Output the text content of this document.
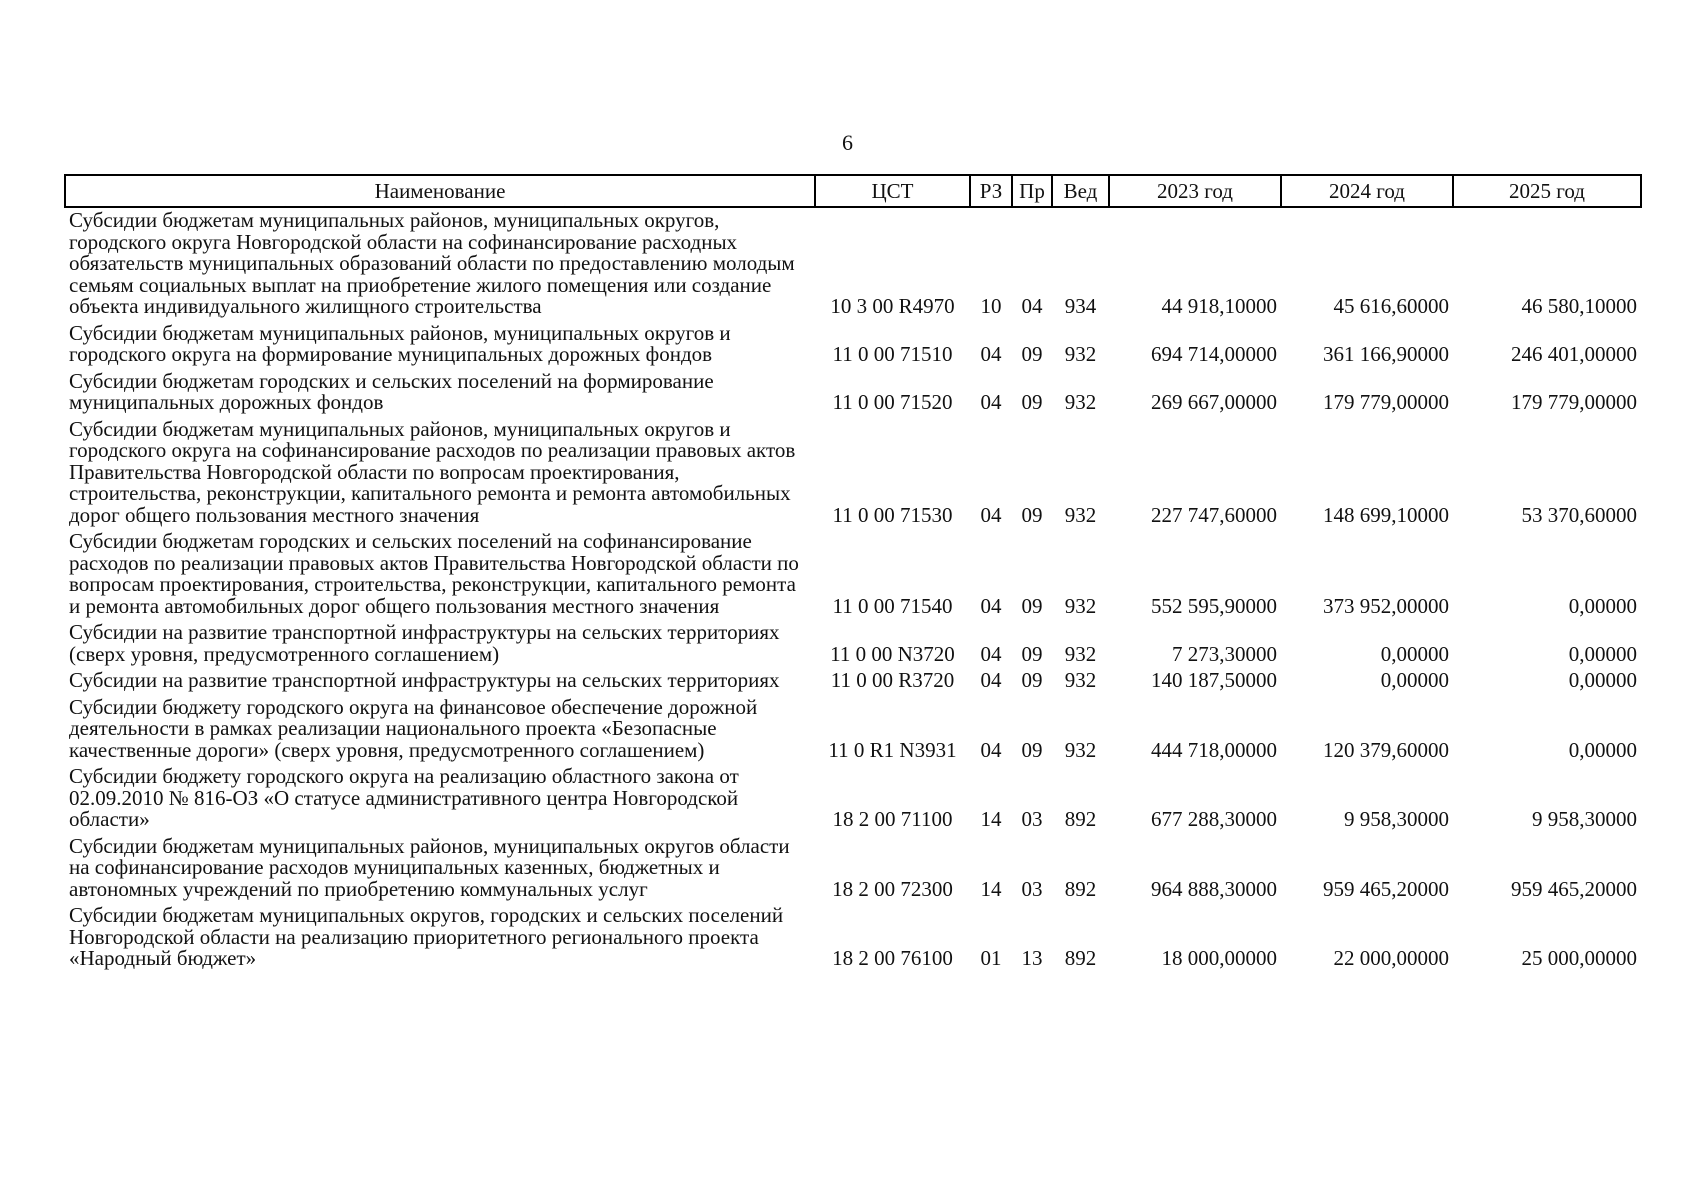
6
Наименование	ЦСТ	РЗ	Пр	Вед	2023 год	2024 год	2025 год
Субсидии бюджетам муниципальных районов, муниципальных округов, городского округа Новгородской области на софинансирование расходных обязательств муниципальных образований области по предоставлению молодым семьям социальных выплат на приобретение жилого помещения или создание объекта индивидуального жилищного строительства	10 3 00 R4970	10	04	934	44 918,10000	45 616,60000	46 580,10000
Субсидии бюджетам муниципальных районов, муниципальных округов и городского округа на формирование муниципальных дорожных фондов	11 0 00 71510	04	09	932	694 714,00000	361 166,90000	246 401,00000
Субсидии бюджетам городских и сельских поселений на формирование муниципальных дорожных фондов	11 0 00 71520	04	09	932	269 667,00000	179 779,00000	179 779,00000
Субсидии бюджетам муниципальных районов, муниципальных округов и городского округа на софинансирование расходов по реализации правовых актов Правительства Новгородской области по вопросам проектирования, строительства, реконструкции, капитального ремонта и ремонта автомобильных дорог общего пользования местного значения	11 0 00 71530	04	09	932	227 747,60000	148 699,10000	53 370,60000
Субсидии бюджетам городских и сельских поселений на софинансирование расходов по реализации правовых актов Правительства Новгородской области по вопросам проектирования, строительства, реконструкции, капитального ремонта и ремонта автомобильных дорог общего пользования местного значения	11 0 00 71540	04	09	932	552 595,90000	373 952,00000	0,00000
Субсидии на развитие транспортной инфраструктуры на сельских территориях (сверх уровня, предусмотренного соглашением)	11 0 00 N3720	04	09	932	7 273,30000	0,00000	0,00000
Субсидии на развитие транспортной инфраструктуры на сельских территориях	11 0 00 R3720	04	09	932	140 187,50000	0,00000	0,00000
Субсидии бюджету городского округа на финансовое обеспечение дорожной деятельности в рамках реализации национального проекта «Безопасные качественные дороги» (сверх уровня, предусмотренного соглашением)	11 0 R1 N3931	04	09	932	444 718,00000	120 379,60000	0,00000
Субсидии бюджету городского округа на реализацию областного закона от 02.09.2010 № 816-ОЗ «О статусе административного центра Новгородской области»	18 2 00 71100	14	03	892	677 288,30000	9 958,30000	9 958,30000
Субсидии бюджетам муниципальных районов, муниципальных округов области на софинансирование расходов муниципальных казенных, бюджетных и автономных учреждений по приобретению коммунальных услуг	18 2 00 72300	14	03	892	964 888,30000	959 465,20000	959 465,20000
Субсидии бюджетам муниципальных округов, городских и сельских поселений Новгородской области на реализацию приоритетного регионального проекта «Народный бюджет»	18 2 00 76100	01	13	892	18 000,00000	22 000,00000	25 000,00000
